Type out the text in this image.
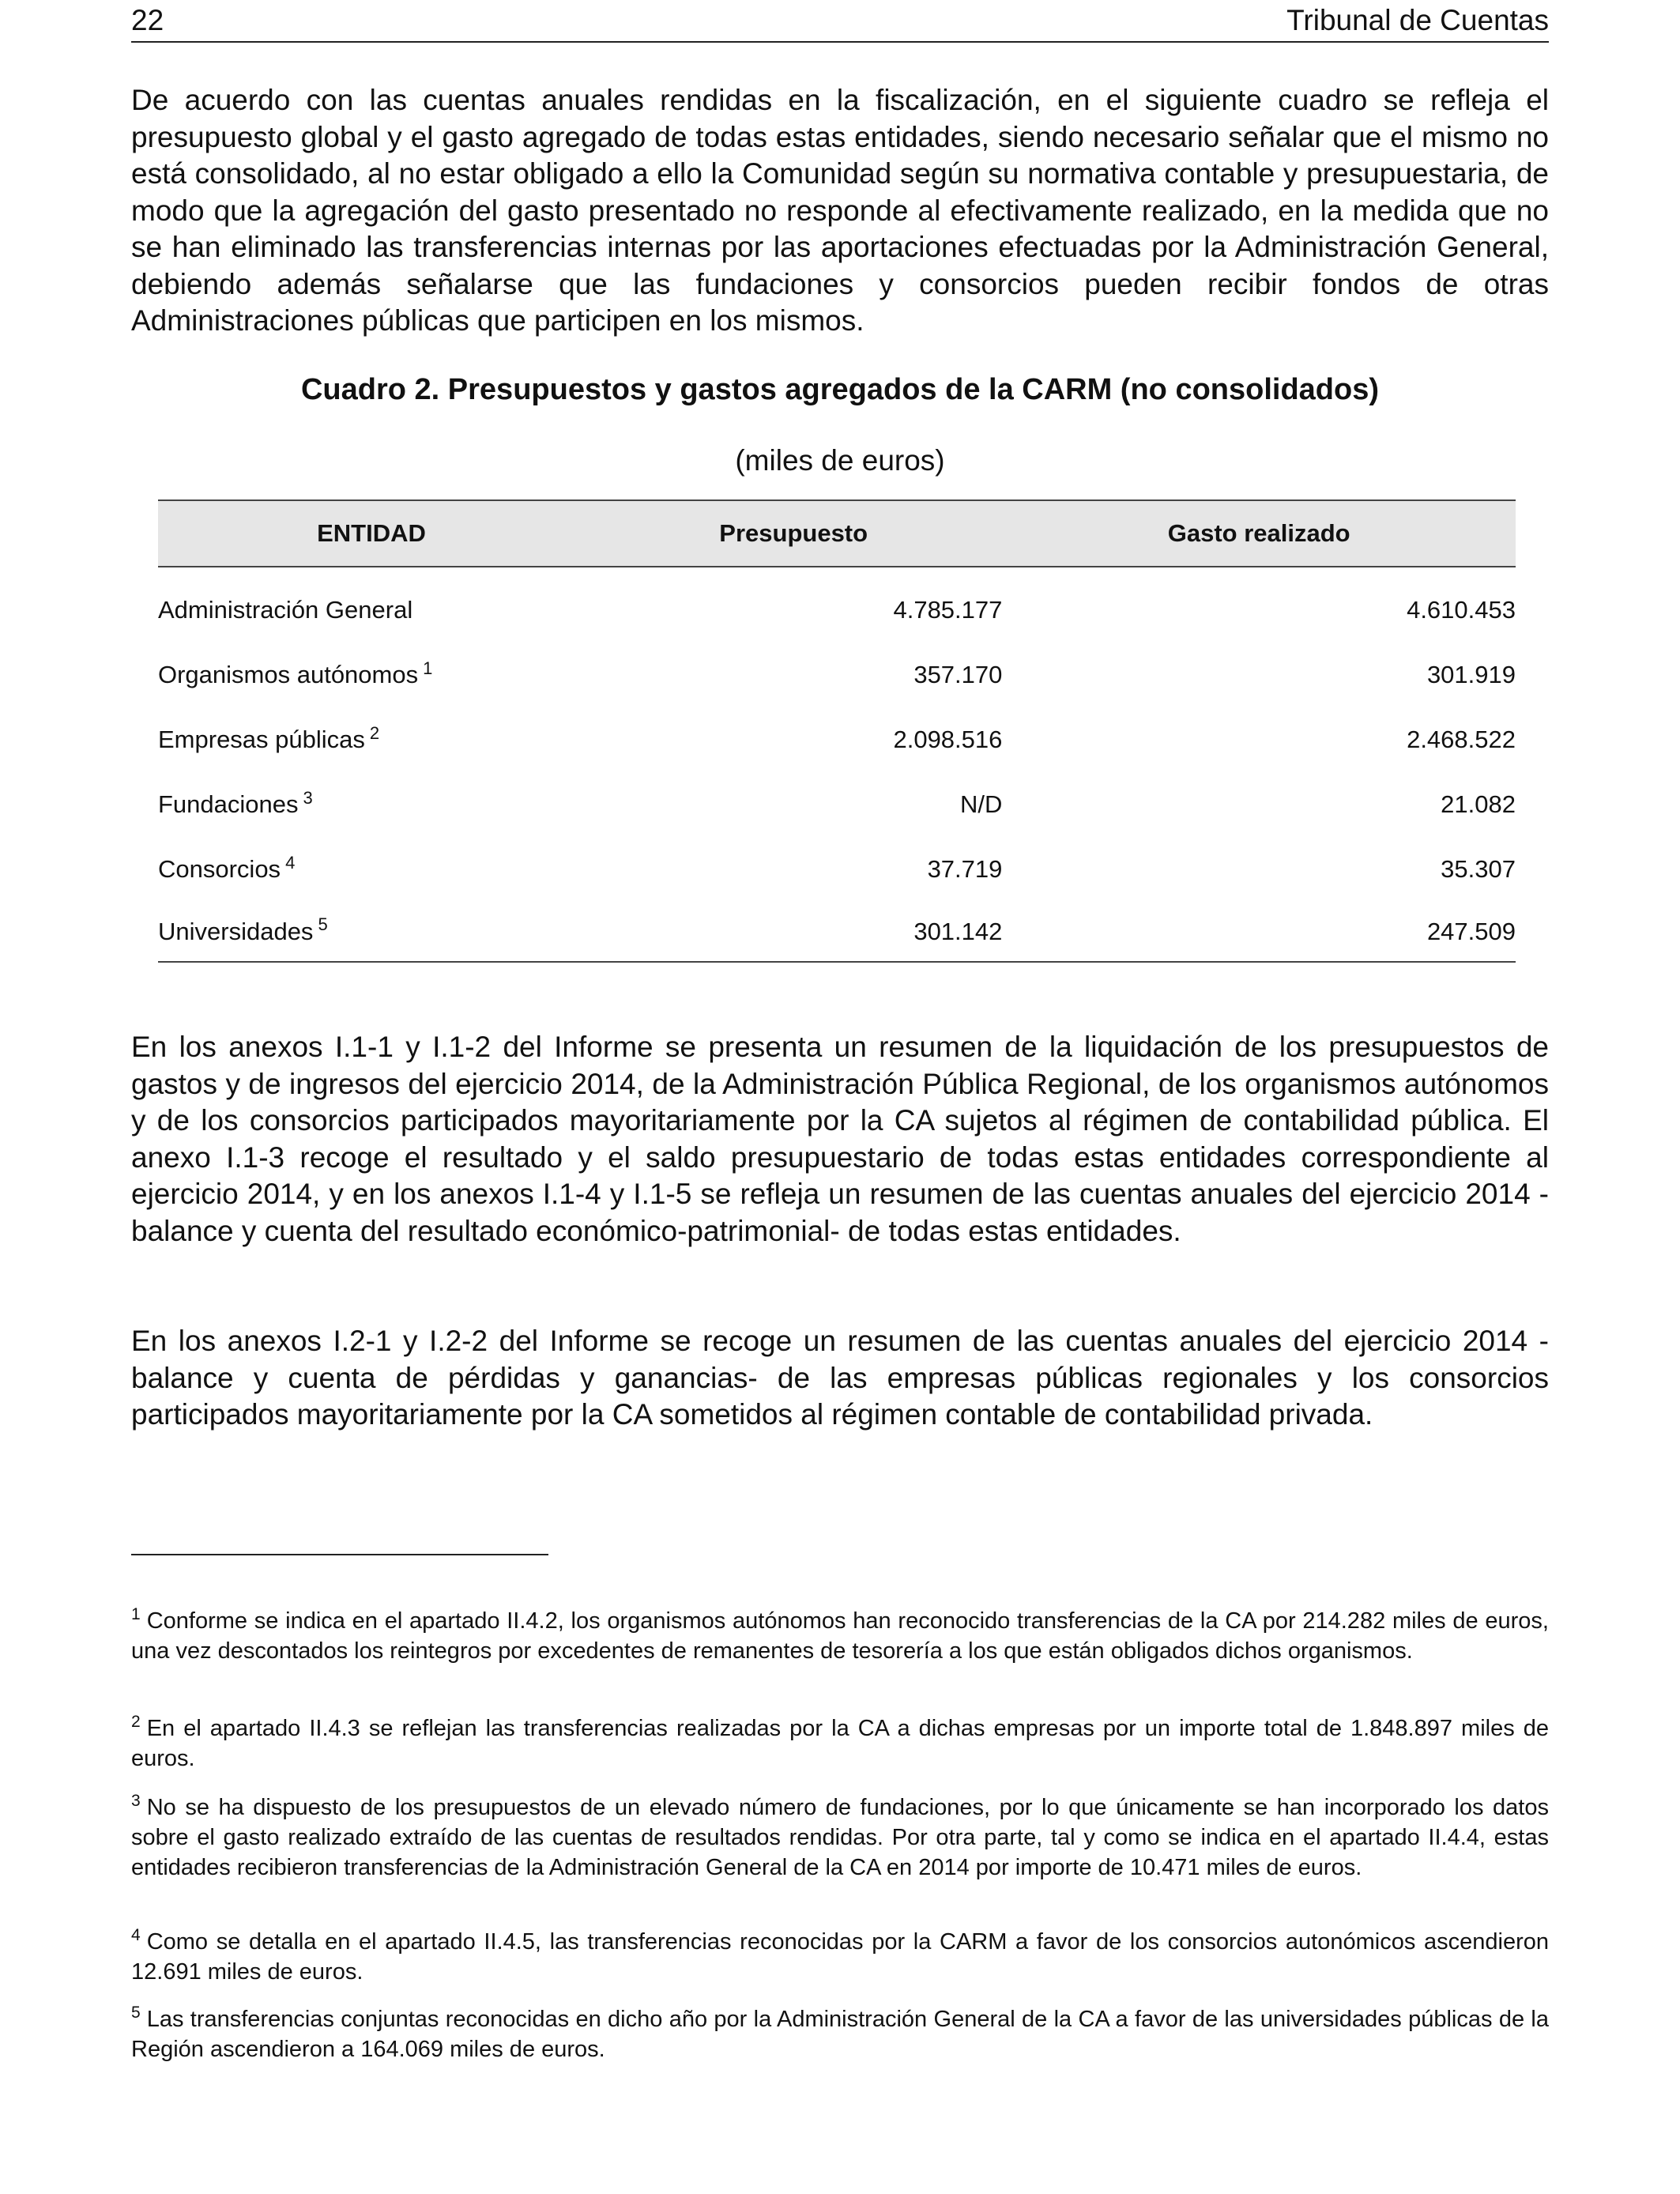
22	Tribunal de Cuentas

De acuerdo con las cuentas anuales rendidas en la fiscalización, en el siguiente cuadro se refleja el presupuesto global y el gasto agregado de todas estas entidades, siendo necesario señalar que el mismo no está consolidado, al no estar obligado a ello la Comunidad según su normativa contable y presupuestaria, de modo que la agregación del gasto presentado no responde al efectivamente realizado, en la medida que no se han eliminado las transferencias internas por las aportaciones efectuadas por la Administración General, debiendo además señalarse que las fundaciones y consorcios pueden recibir fondos de otras Administraciones públicas que participen en los mismos.

Cuadro 2. Presupuestos y gastos agregados de la CARM (no consolidados)
(miles de euros)
ENTIDAD	Presupuesto	Gasto realizado

Administración General	4.785.177	4.610.453
Organismos autónomos $^1$	357.170	301.919
Empresas públicas $^2$	2.098.516	2.468.522
Fundaciones $^3$	N/D	21.082
Consorcios $^4$	37.719	35.307
Universidades $^5$	301.142	247.509

En los anexos I.1-1 y I.1-2 del Informe se presenta un resumen de la liquidación de los presupuestos de gastos y de ingresos del ejercicio 2014, de la Administración Pública Regional, de los organismos autónomos y de los consorcios participados mayoritariamente por la CA sujetos al régimen de contabilidad pública. El anexo I.1-3 recoge el resultado y el saldo presupuestario de todas estas entidades correspondiente al ejercicio 2014, y en los anexos I.1-4 y I.1-5 se refleja un resumen de las cuentas anuales del ejercicio 2014 -balance y cuenta del resultado económico-patrimonial- de todas estas entidades.

En los anexos I.2-1 y I.2-2 del Informe se recoge un resumen de las cuentas anuales del ejercicio 2014 -balance y cuenta de pérdidas y ganancias- de las empresas públicas regionales y los consorcios participados mayoritariamente por la CA sometidos al régimen contable de contabilidad privada.

$^1$ Conforme se indica en el apartado II.4.2, los organismos autónomos han reconocido transferencias de la CA por 214.282 miles de euros, una vez descontados los reintegros por excedentes de remanentes de tesorería a los que están obligados dichos organismos.

$^2$ En el apartado II.4.3 se reflejan las transferencias realizadas por la CA a dichas empresas por un importe total de 1.848.897 miles de euros.

$^3$ No se ha dispuesto de los presupuestos de un elevado número de fundaciones, por lo que únicamente se han incorporado los datos sobre el gasto realizado extraído de las cuentas de resultados rendidas. Por otra parte, tal y como se indica en el apartado II.4.4, estas entidades recibieron transferencias de la Administración General de la CA en 2014 por importe de 10.471 miles de euros.

$^4$ Como se detalla en el apartado II.4.5, las transferencias reconocidas por la CARM a favor de los consorcios autonómicos ascendieron 12.691 miles de euros.

$^5$ Las transferencias conjuntas reconocidas en dicho año por la Administración General de la CA a favor de las universidades públicas de la Región ascendieron a 164.069 miles de euros.
